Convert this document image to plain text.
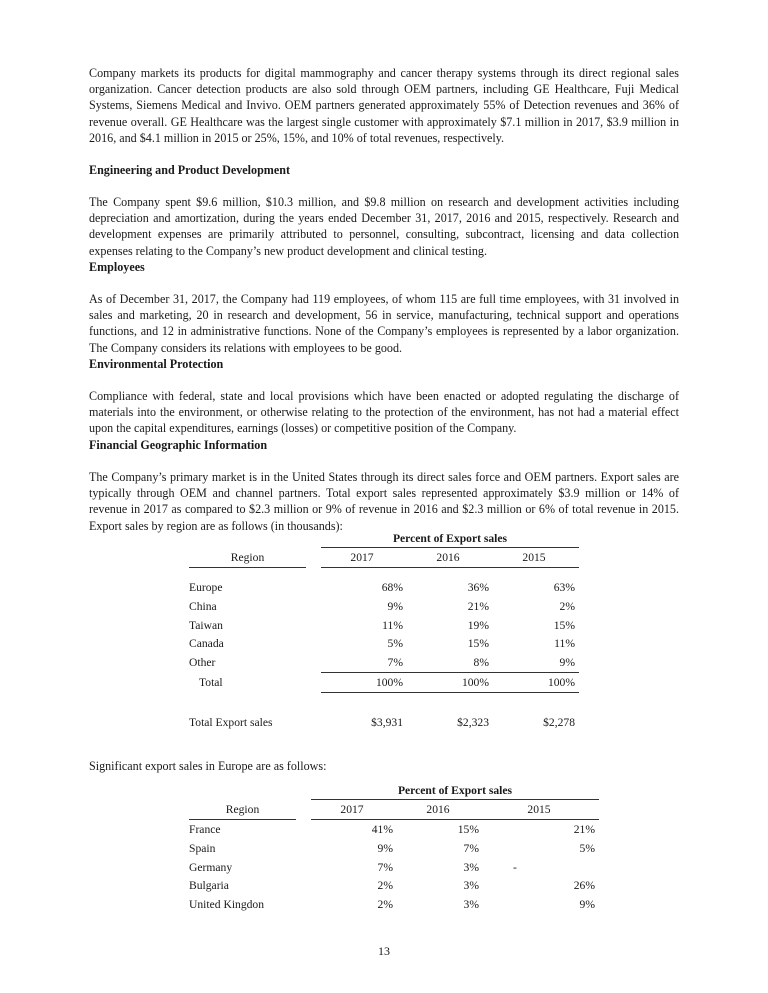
Company markets its products for digital mammography and cancer therapy systems through its direct regional sales organization. Cancer detection products are also sold through OEM partners, including GE Healthcare, Fuji Medical Systems, Siemens Medical and Invivo. OEM partners generated approximately 55% of Detection revenues and 36% of revenue overall. GE Healthcare was the largest single customer with approximately $7.1 million in 2017, $3.9 million in 2016, and $4.1 million in 2015 or 25%, 15%, and 10% of total revenues, respectively.

Engineering and Product Development

The Company spent $9.6 million, $10.3 million, and $9.8 million on research and development activities including depreciation and amortization, during the years ended December 31, 2017, 2016 and 2015, respectively. Research and development expenses are primarily attributed to personnel, consulting, subcontract, licensing and data collection expenses relating to the Company’s new product development and clinical testing.

Employees

As of December 31, 2017, the Company had 119 employees, of whom 115 are full time employees, with 31 involved in sales and marketing, 20 in research and development, 56 in service, manufacturing, technical support and operations functions, and 12 in administrative functions. None of the Company’s employees is represented by a labor organization. The Company considers its relations with employees to be good.

Environmental Protection

Compliance with federal, state and local provisions which have been enacted or adopted regulating the discharge of materials into the environment, or otherwise relating to the protection of the environment, has not had a material effect upon the capital expenditures, earnings (losses) or competitive position of the Company.

Financial Geographic Information

The Company’s primary market is in the United States through its direct sales force and OEM partners. Export sales are typically through OEM and channel partners. Total export sales represented approximately $3.9 million or 14% of revenue in 2017 as compared to $2.3 million or 9% of revenue in 2016 and $2.3 million or 6% of total revenue in 2015. Export sales by region are as follows (in thousands):

Significant export sales in Europe are as follows:

		Percent of Export sales		
Region		2017	2016	2015

Europe		68%	36%	63%
China		9%	21%	2%
Taiwan		11%	19%	15%
Canada		5%	15%	11%
Other		7%	8%	9%
Total		100%	100%	100%

Total Export sales		$3,931	$2,323	$2,278
		Percent of Export sales		
Region		2017	2016	2015
France		41%	15%	21%
Spain		9%	7%	5%
Germany		7%	3%	-
Bulgaria		2%	3%	26%
United Kingdon		2%	3%	9%
13
